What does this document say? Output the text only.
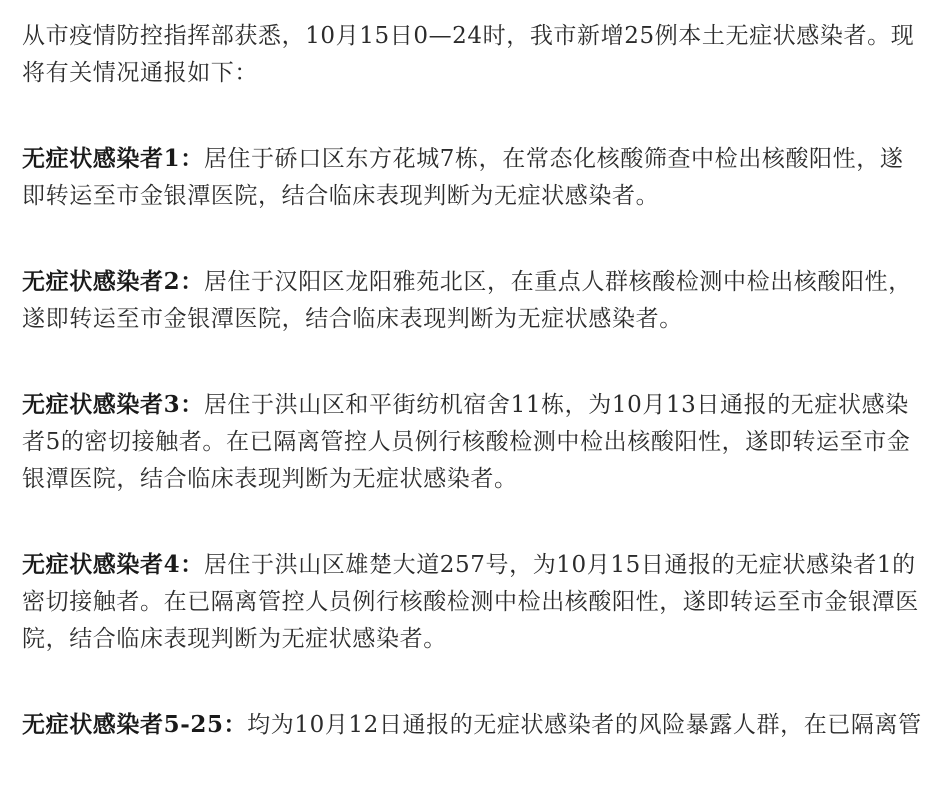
从市疫情防控指挥部获悉，10月15日0—24时，我市新增25例本土无症状感染者。现将有关情况通报如下：

无症状感染者1：居住于硚口区东方花城7栋，在常态化核酸筛查中检出核酸阳性，遂即转运至市金银潭医院，结合临床表现判断为无症状感染者。

无症状感染者2：居住于汉阳区龙阳雅苑北区，在重点人群核酸检测中检出核酸阳性，遂即转运至市金银潭医院，结合临床表现判断为无症状感染者。

无症状感染者3：居住于洪山区和平街纺机宿舍11栋，为10月13日通报的无症状感染者5的密切接触者。在已隔离管控人员例行核酸检测中检出核酸阳性，遂即转运至市金银潭医院，结合临床表现判断为无症状感染者。

无症状感染者4：居住于洪山区雄楚大道257号，为10月15日通报的无症状感染者1的密切接触者。在已隔离管控人员例行核酸检测中检出核酸阳性，遂即转运至市金银潭医院，结合临床表现判断为无症状感染者。

无症状感染者5-25：均为10月12日通报的无症状感染者的风险暴露人群，在已隔离管
